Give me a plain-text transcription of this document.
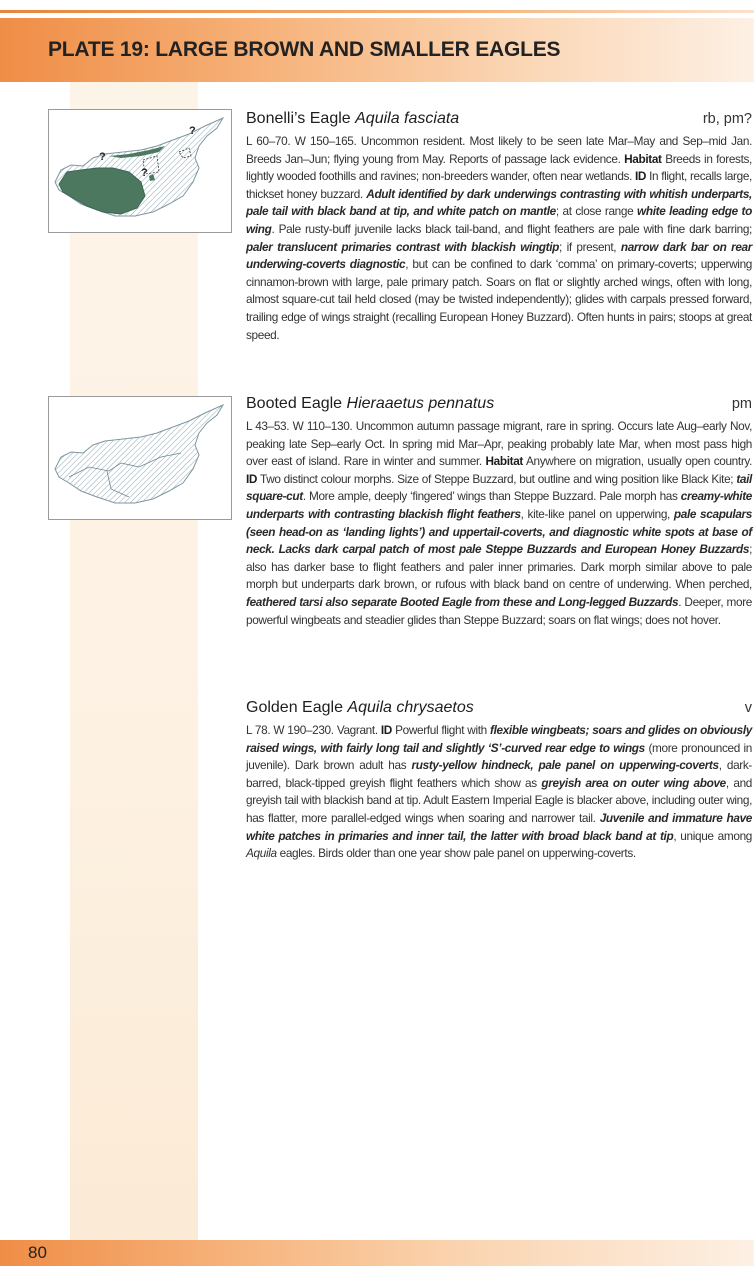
PLATE 19: LARGE BROWN AND SMALLER EAGLES
?
?
?
Bonelli’s Eagle Aquila fasciata	rb, pm?

L 60–70. W 150–165. Uncommon resident. Most likely to be seen late Mar–May and Sep–mid Jan. Breeds Jan–Jun; flying young from May. Reports of passage lack evidence. Habitat Breeds in forests, lightly wooded foothills and ravines; non-breeders wander, often near wetlands. ID In flight, recalls large, thickset honey buzzard. Adult identified by dark underwings contrasting with whitish underparts, pale tail with black band at tip, and white patch on mantle; at close range white leading edge to wing. Pale rusty-buff juvenile lacks black tail-band, and flight feathers are pale with fine dark barring; paler translucent primaries contrast with blackish wingtip; if present, narrow dark bar on rear underwing-coverts diagnostic, but can be confined to dark ‘comma’ on primary-coverts; upperwing cinnamon-brown with large, pale primary patch. Soars on flat or slightly arched wings, often with long, almost square-cut tail held closed (may be twisted independently); glides with carpals pressed forward, trailing edge of wings straight (recalling European Honey Buzzard). Often hunts in pairs; stoops at great speed.

Booted Eagle Hieraaetus pennatus	pm

L 43–53. W 110–130. Uncommon autumn passage migrant, rare in spring. Occurs late Aug–early Nov, peaking late Sep–early Oct. In spring mid Mar–Apr, peaking probably late Mar, when most pass high over east of island. Rare in winter and summer. Habitat Anywhere on migration, usually open country. ID Two distinct colour morphs. Size of Steppe Buzzard, but outline and wing position like Black Kite; tail square-cut. More ample, deeply ‘fingered’ wings than Steppe Buzzard. Pale morph has creamy-white underparts with contrasting blackish flight feathers, kite-like panel on upperwing, pale scapulars (seen head-on as ‘landing lights’) and uppertail-coverts, and diagnostic white spots at base of neck. Lacks dark carpal patch of most pale Steppe Buzzards and European Honey Buzzards; also has darker base to flight feathers and paler inner primaries. Dark morph similar above to pale morph but underparts dark brown, or rufous with black band on centre of underwing. When perched, feathered tarsi also separate Booted Eagle from these and Long-legged Buzzards. Deeper, more powerful wingbeats and steadier glides than Steppe Buzzard; soars on flat wings; does not hover.

Golden Eagle Aquila chrysaetos	v

L 78. W 190–230. Vagrant. ID Powerful flight with flexible wingbeats; soars and glides on obviously raised wings, with fairly long tail and slightly ‘S’-curved rear edge to wings (more pronounced in juvenile). Dark brown adult has rusty-yellow hindneck, pale panel on upperwing-coverts, dark-barred, black-tipped greyish flight feathers which show as greyish area on outer wing above, and greyish tail with blackish band at tip. Adult Eastern Imperial Eagle is blacker above, including outer wing, has flatter, more parallel-edged wings when soaring and narrower tail. Juvenile and immature have white patches in primaries and inner tail, the latter with broad black band at tip, unique among Aquila eagles. Birds older than one year show pale panel on upperwing-coverts.

80
